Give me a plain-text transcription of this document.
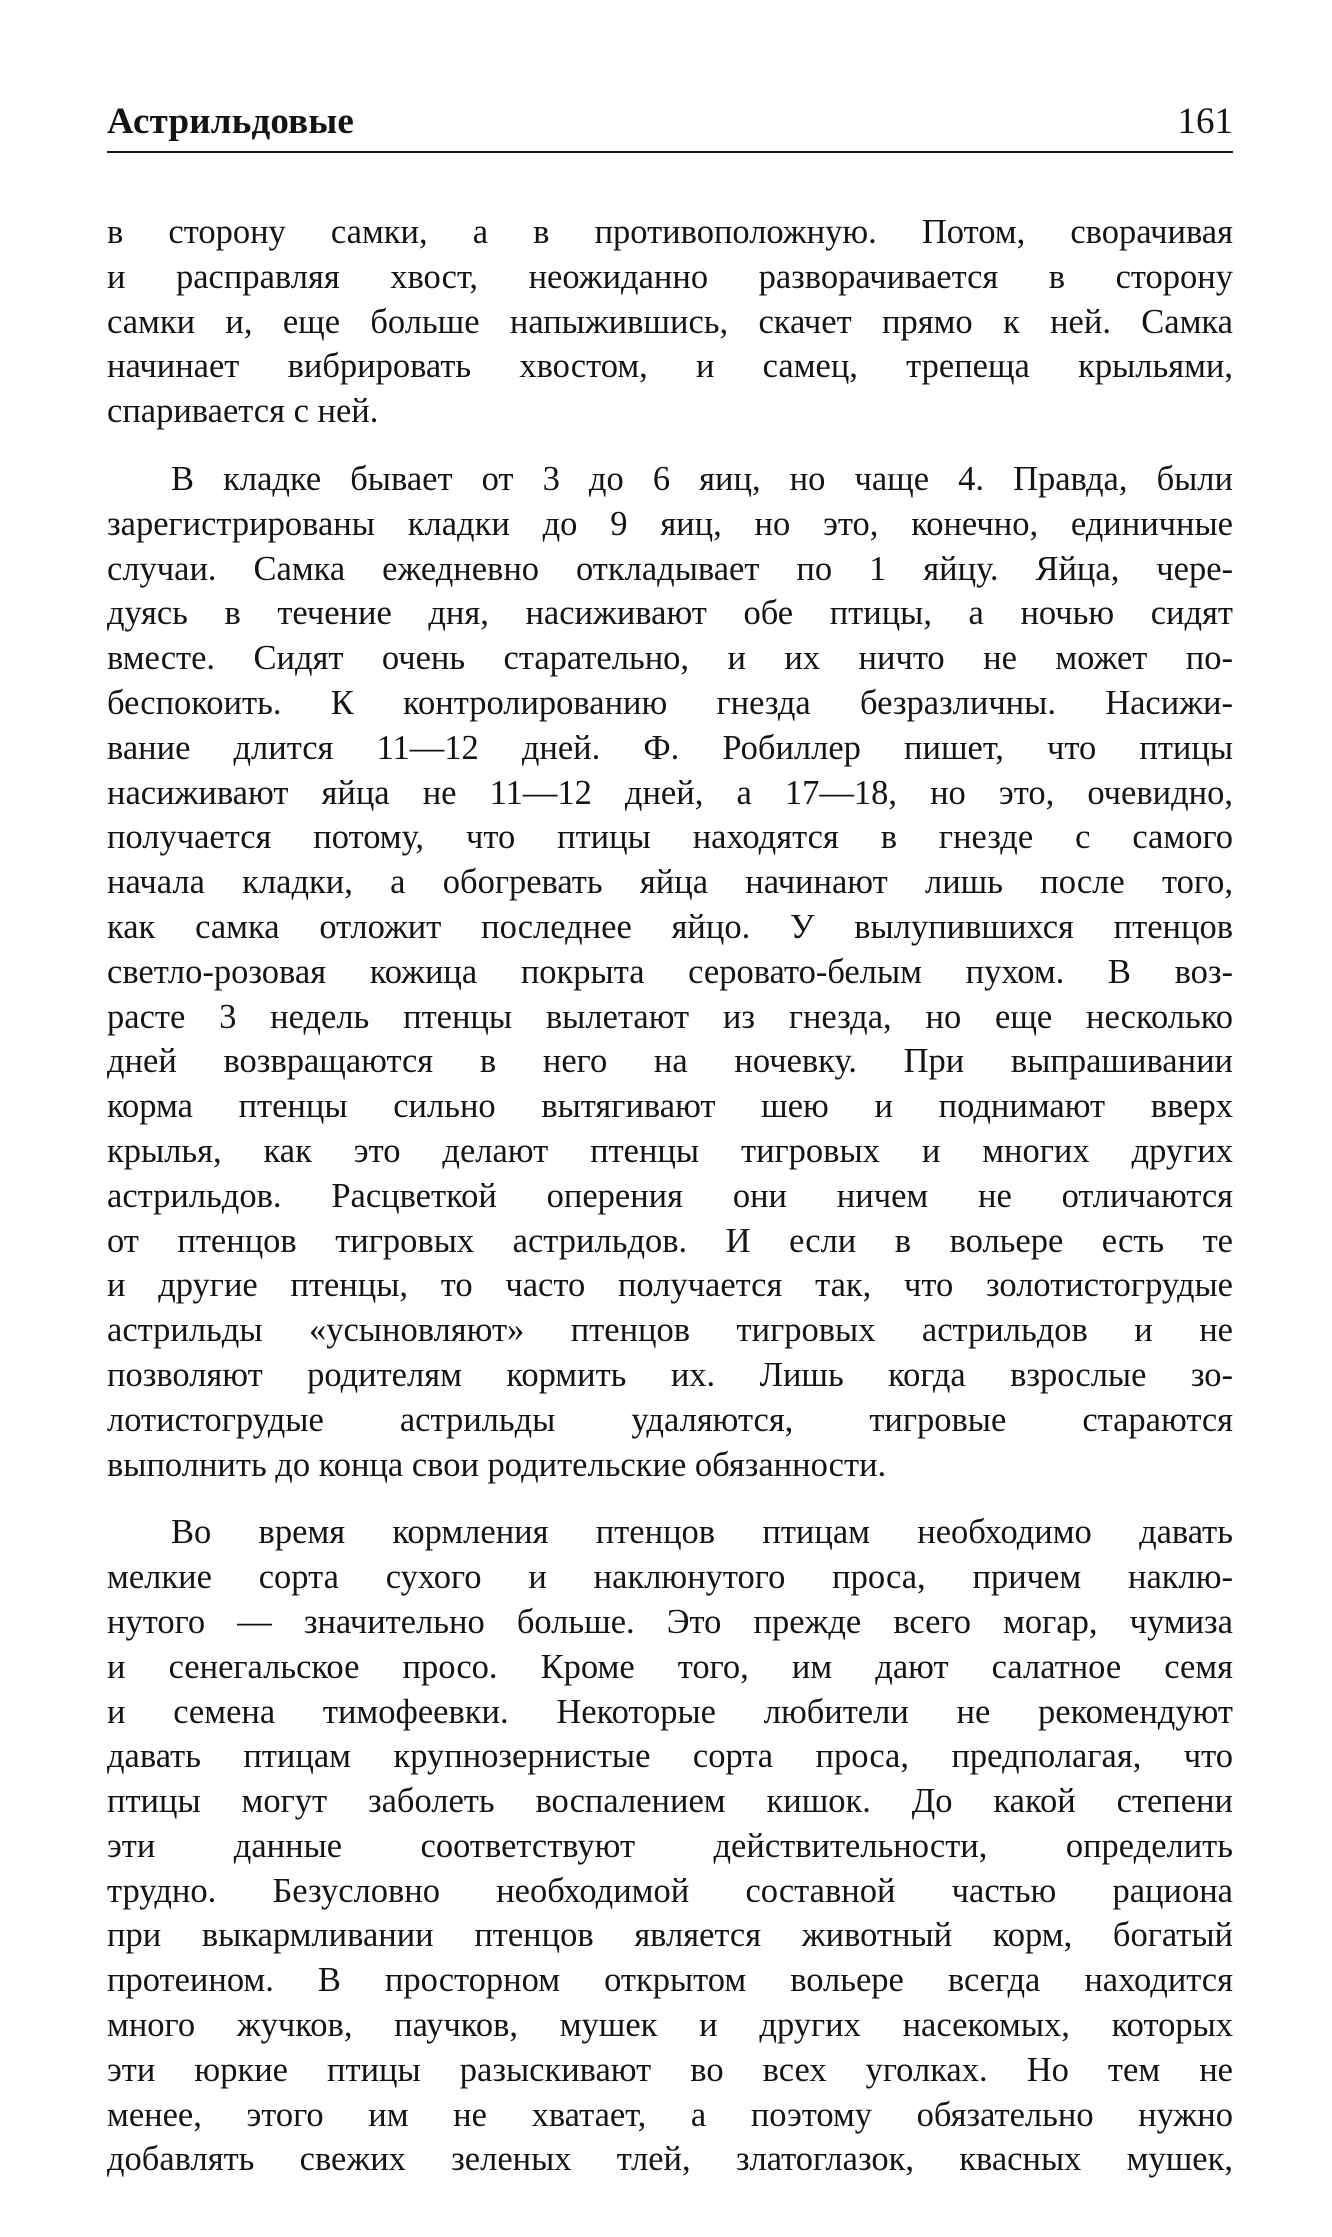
Астрильдовые	161

в сторону самки, а в противоположную. Потом, сворачивая
и расправляя хвост, неожиданно разворачивается в сторону
самки и, еще больше напыжившись, скачет прямо к ней. Самка
начинает вибрировать хвостом, и самец, трепеща крыльями,
спаривается с ней.

В кладке бывает от 3 до 6 яиц, но чаще 4. Правда, были
зарегистрированы кладки до 9 яиц, но это, конечно, единичные
случаи. Самка ежедневно откладывает по 1 яйцу. Яйца, чере-
дуясь в течение дня, насиживают обе птицы, а ночью сидят
вместе. Сидят очень старательно, и их ничто не может по-
беспокоить. К контролированию гнезда безразличны. Насижи-
вание длится 11—12 дней. Ф. Робиллер пишет, что птицы
насиживают яйца не 11—12 дней, а 17—18, но это, очевидно,
получается потому, что птицы находятся в гнезде с самого
начала кладки, а обогревать яйца начинают лишь после того,
как самка отложит последнее яйцо. У вылупившихся птенцов
светло-розовая кожица покрыта серовато-белым пухом. В воз-
расте 3 недель птенцы вылетают из гнезда, но еще несколько
дней возвращаются в него на ночевку. При выпрашивании
корма птенцы сильно вытягивают шею и поднимают вверх
крылья, как это делают птенцы тигровых и многих других
астрильдов. Расцветкой оперения они ничем не отличаются
от птенцов тигровых астрильдов. И если в вольере есть те
и другие птенцы, то часто получается так, что золотистогрудые
астрильды «усыновляют» птенцов тигровых астрильдов и не
позволяют родителям кормить их. Лишь когда взрослые зо-
лотистогрудые астрильды удаляются, тигровые стараются
выполнить до конца свои родительские обязанности.

Во время кормления птенцов птицам необходимо давать
мелкие сорта сухого и наклюнутого проса, причем наклю-
нутого — значительно больше. Это прежде всего могар, чумиза
и сенегальское просо. Кроме того, им дают салатное семя
и семена тимофеевки. Некоторые любители не рекомендуют
давать птицам крупнозернистые сорта проса, предполагая, что
птицы могут заболеть воспалением кишок. До какой степени
эти данные соответствуют действительности, определить
трудно. Безусловно необходимой составной частью рациона
при выкармливании птенцов является животный корм, богатый
протеином. В просторном открытом вольере всегда находится
много жучков, паучков, мушек и других насекомых, которых
эти юркие птицы разыскивают во всех уголках. Но тем не
менее, этого им не хватает, а поэтому обязательно нужно
добавлять свежих зеленых тлей, златоглазок, квасных мушек,
